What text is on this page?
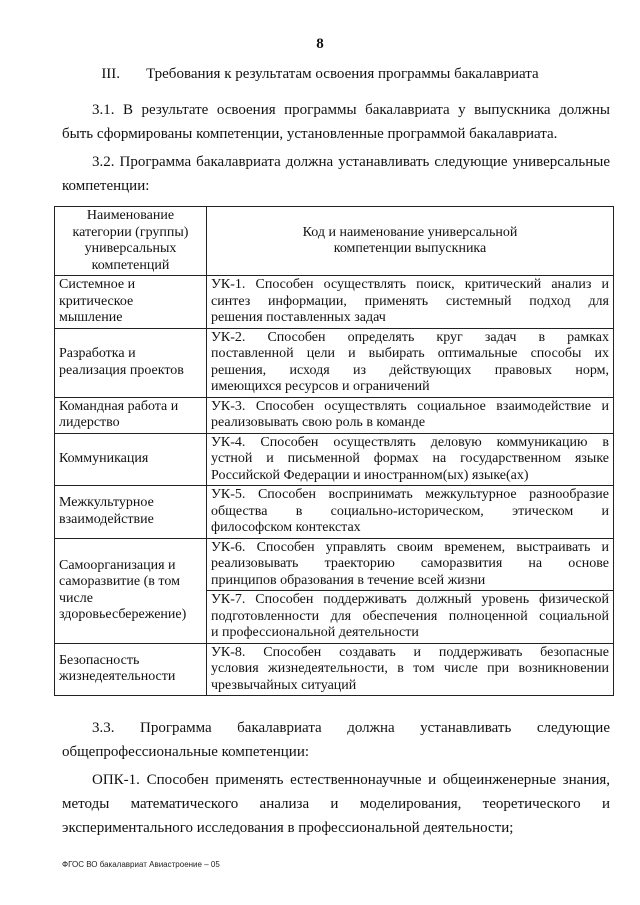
8
III. Требования к результатам освоения программы бакалавриата
3.1. В результате освоения программы бакалавриата у выпускника должны
быть сформированы компетенции, установленные программой бакалавриата.
3.2. Программа бакалавриата должна устанавливать следующие универсальные
компетенции:
Наименование
категории (группы)
универсальных
компетенций	Код и наименование универсальной
компетенции выпускника

Системное и
критическое
мышление	УК-1. Способен осуществлять поиск, критический анализ и
синтез информации, применять системный подход для
решения поставленных задач

Разработка и
реализация проектов	УК-2. Способен определять круг задач в рамках
поставленной цели и выбирать оптимальные способы их
решения, исходя из действующих правовых норм,
имеющихся ресурсов и ограничений

Командная работа и
лидерство	УК-3. Способен осуществлять социальное взаимодействие и
реализовывать свою роль в команде

Коммуникация	УК-4. Способен осуществлять деловую коммуникацию в
устной и письменной формах на государственном языке
Российской Федерации и иностранном(ых) языке(ах)

Межкультурное
взаимодействие	УК-5. Способен воспринимать межкультурное разнообразие
общества в социально-историческом, этическом и
философском контекстах

Самоорганизация и
саморазвитие (в том
числе
здоровьесбережение)	УК-6. Способен управлять своим временем, выстраивать и
реализовывать траекторию саморазвития на основе
принципов образования в течение всей жизни

	УК-7. Способен поддерживать должный уровень физической
подготовленности для обеспечения полноценной социальной
и профессиональной деятельности

Безопасность
жизнедеятельности	УК-8. Способен создавать и поддерживать безопасные
условия жизнедеятельности, в том числе при возникновении
чрезвычайных ситуаций
3.3. Программа бакалавриата должна устанавливать следующие
общепрофессиональные компетенции:
ОПК-1. Способен применять естественнонаучные и общеинженерные знания,
методы математического анализа и моделирования, теоретического и
экспериментального исследования в профессиональной деятельности;
ФГОС ВО бакалавриат Авиастроение – 05
